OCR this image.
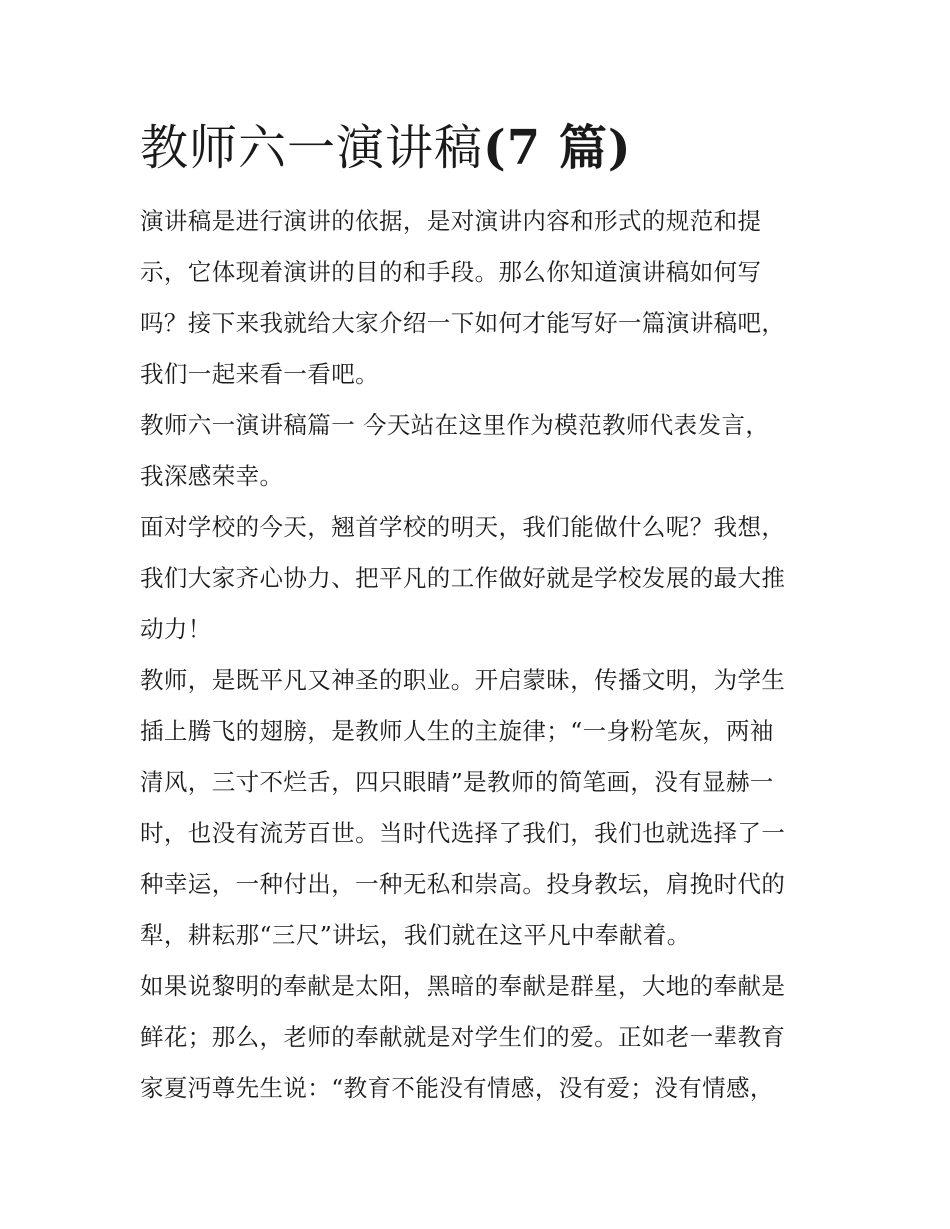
教师六一演讲稿(7 篇)

演讲稿是进行演讲的依据，是对演讲内容和形式的规范和提

示，它体现着演讲的目的和手段。那么你知道演讲稿如何写

吗？接下来我就给大家介绍一下如何才能写好一篇演讲稿吧，

我们一起来看一看吧。

教师六一演讲稿篇一 今天站在这里作为模范教师代表发言，

我深感荣幸。

面对学校的今天，翘首学校的明天，我们能做什么呢？我想，

我们大家齐心协力、把平凡的工作做好就是学校发展的最大推

动力！

教师，是既平凡又神圣的职业。开启蒙昧，传播文明，为学生

插上腾飞的翅膀，是教师人生的主旋律；“一身粉笔灰，两袖

清风，三寸不烂舌，四只眼睛”是教师的简笔画，没有显赫一

时，也没有流芳百世。当时代选择了我们，我们也就选择了一

种幸运，一种付出，一种无私和崇高。投身教坛，肩挽时代的

犁，耕耘那“三尺”讲坛，我们就在这平凡中奉献着。

如果说黎明的奉献是太阳，黑暗的奉献是群星，大地的奉献是

鲜花；那么，老师的奉献就是对学生们的爱。正如老一辈教育

家夏沔尊先生说：“教育不能没有情感，没有爱；没有情感，
